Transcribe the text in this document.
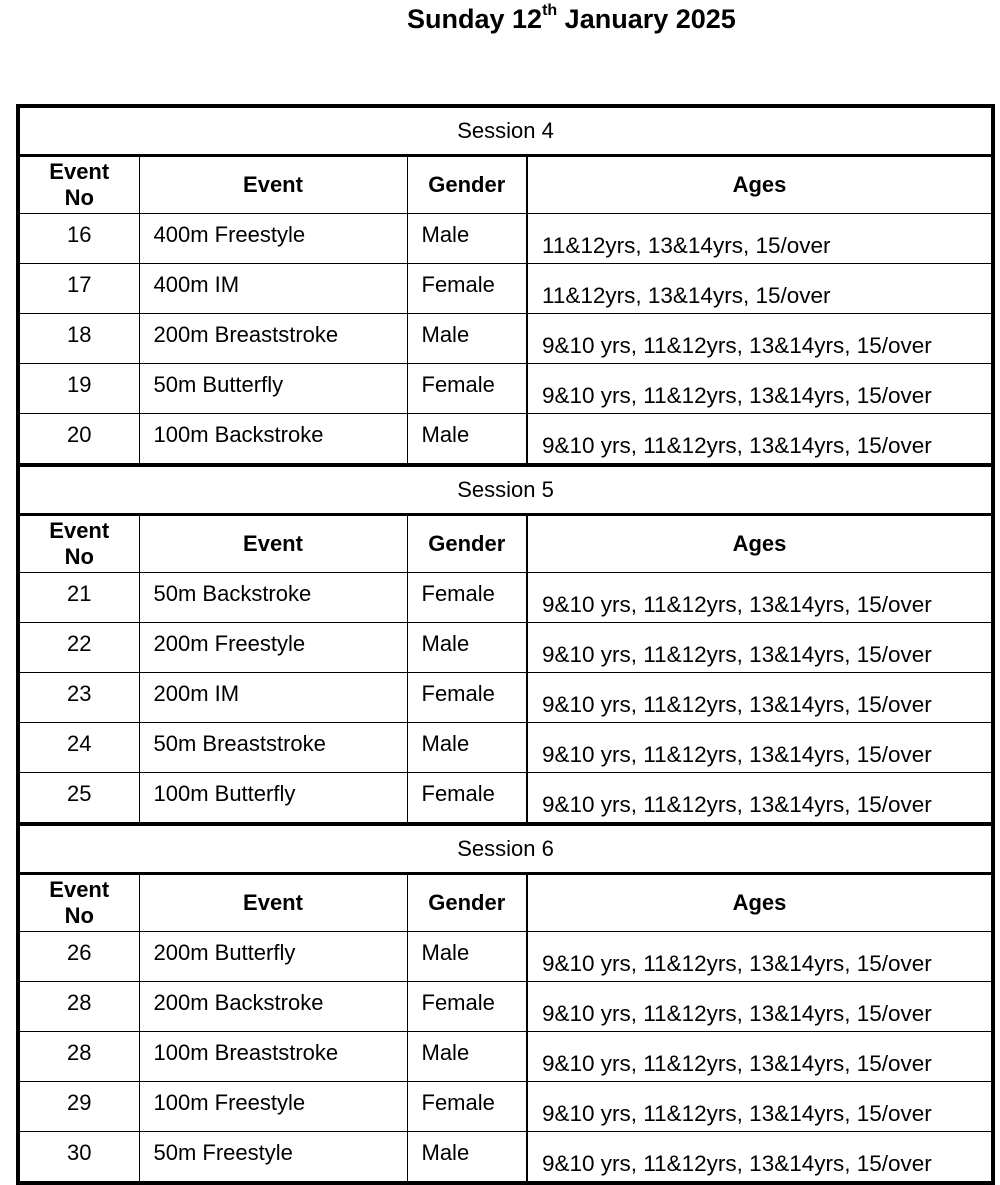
Sunday 12th January 2025
Session 4			
Event
No	Event	Gender	Ages
16	400m Freestyle	Male	11&12yrs, 13&14yrs, 15/over
17	400m IM	Female	11&12yrs, 13&14yrs, 15/over
18	200m Breaststroke	Male	9&10 yrs, 11&12yrs, 13&14yrs, 15/over
19	50m Butterfly	Female	9&10 yrs, 11&12yrs, 13&14yrs, 15/over
20	100m Backstroke	Male	9&10 yrs, 11&12yrs, 13&14yrs, 15/over
Session 5			
Event
No	Event	Gender	Ages
21	50m Backstroke	Female	9&10 yrs, 11&12yrs, 13&14yrs, 15/over
22	200m Freestyle	Male	9&10 yrs, 11&12yrs, 13&14yrs, 15/over
23	200m IM	Female	9&10 yrs, 11&12yrs, 13&14yrs, 15/over
24	50m Breaststroke	Male	9&10 yrs, 11&12yrs, 13&14yrs, 15/over
25	100m Butterfly	Female	9&10 yrs, 11&12yrs, 13&14yrs, 15/over
Session 6			
Event
No	Event	Gender	Ages
26	200m Butterfly	Male	9&10 yrs, 11&12yrs, 13&14yrs, 15/over
28	200m Backstroke	Female	9&10 yrs, 11&12yrs, 13&14yrs, 15/over
28	100m Breaststroke	Male	9&10 yrs, 11&12yrs, 13&14yrs, 15/over
29	100m Freestyle	Female	9&10 yrs, 11&12yrs, 13&14yrs, 15/over
30	50m Freestyle	Male	9&10 yrs, 11&12yrs, 13&14yrs, 15/over
